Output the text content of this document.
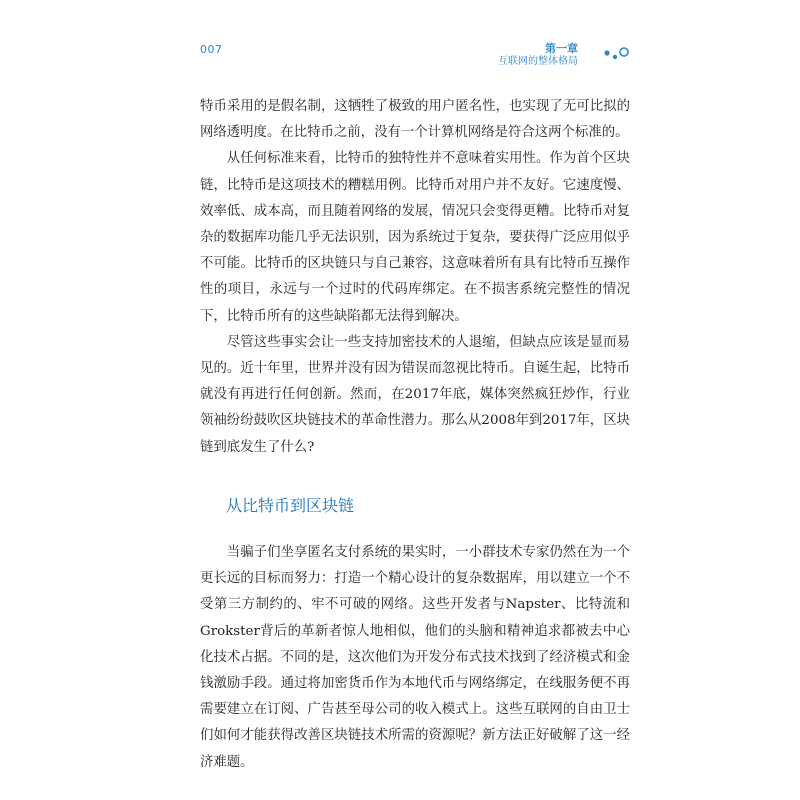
007	第一章
互联网的整体格局

特币采用的是假名制，这牺牲了极致的用户匿名性，也实现了无可比拟的网络透明度。在比特币之前，没有一个计算机网络是符合这两个标准的。

从任何标准来看，比特币的独特性并不意味着实用性。作为首个区块链，比特币是这项技术的糟糕用例。比特币对用户并不友好。它速度慢、效率低、成本高，而且随着网络的发展，情况只会变得更糟。比特币对复杂的数据库功能几乎无法识别，因为系统过于复杂，要获得广泛应用似乎不可能。比特币的区块链只与自己兼容，这意味着所有具有比特币互操作性的项目，永远与一个过时的代码库绑定。在不损害系统完整性的情况下，比特币所有的这些缺陷都无法得到解决。

尽管这些事实会让一些支持加密技术的人退缩，但缺点应该是显而易见的。近十年里，世界并没有因为错误而忽视比特币。自诞生起，比特币就没有再进行任何创新。然而，在2017年底，媒体突然疯狂炒作，行业领袖纷纷鼓吹区块链技术的革命性潜力。那么从2008年到2017年，区块链到底发生了什么?

从比特币到区块链

当骗子们坐享匿名支付系统的果实时，一小群技术专家仍然在为一个更长远的目标而努力：打造一个精心设计的复杂数据库，用以建立一个不受第三方制约的、牢不可破的网络。这些开发者与Napster、比特流和Grokster背后的革新者惊人地相似，他们的头脑和精神追求都被去中心化技术占据。不同的是，这次他们为开发分布式技术找到了经济模式和金钱激励手段。通过将加密货币作为本地代币与网络绑定，在线服务便不再需要建立在订阅、广告甚至母公司的收入模式上。这些互联网的自由卫士们如何才能获得改善区块链技术所需的资源呢？新方法正好破解了这一经济难题。
